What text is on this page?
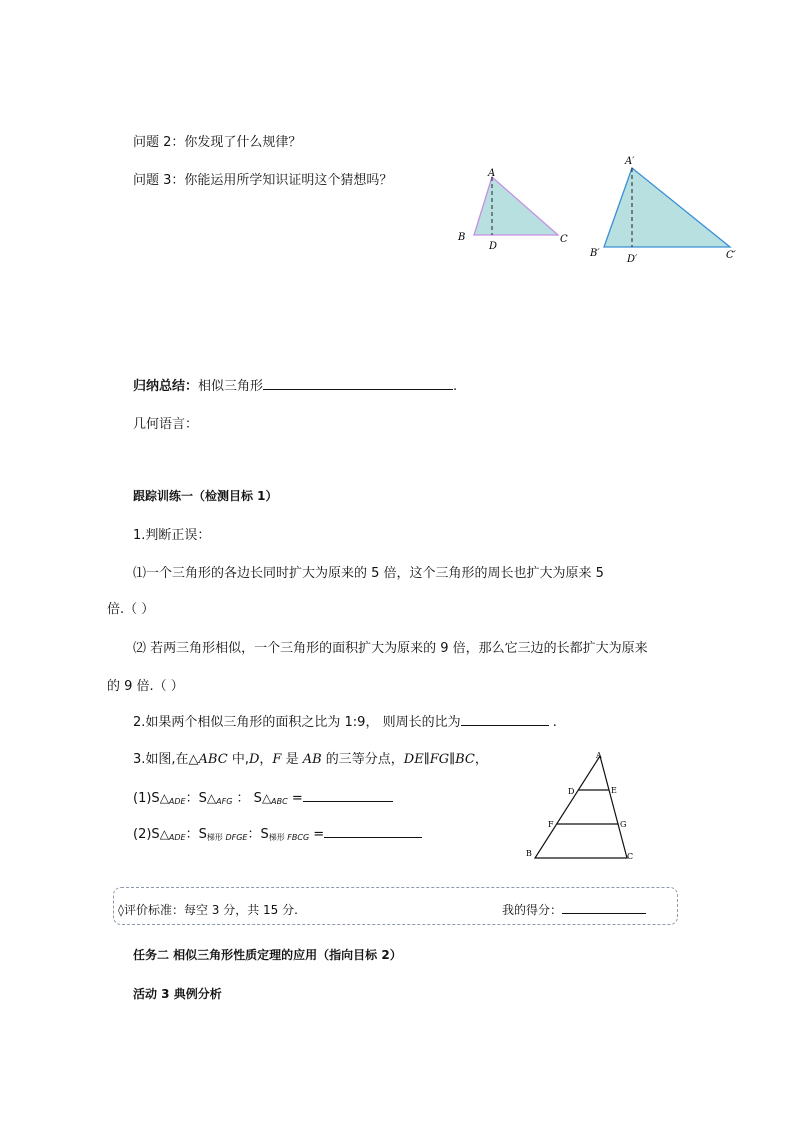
问题 2：你发现了什么规律？
问题 3：你能运用所学知识证明这个猜想吗？	A
B	C
D
A′
B′	C′
D′
归纳总结：相似三角形	.
几何语言：
跟踪训练一（检测目标 1）
1.判断正误：
⑴一个三角形的各边长同时扩大为原来的 5 倍，这个三角形的周长也扩大为原来 5
倍.（ ）
⑵ 若两三角形相似，一个三角形的面积扩大为原来的 9 倍，那么它三边的长都扩大为原来
的 9 倍.（ ）
2.如果两个相似三角形的面积之比为 1:9， 则周长的比为	.
3.如图,在△ABC 中,D，F 是 AB 的三等分点，DE∥FG∥BC，
$(1)S\triangle_{ADE}$：$S\triangle_{AFG}$ ： $S\triangle_{ABC}$ =
$(2)S\triangle_{ADE}$：$S_{梯形}$ $_{DFGE}$：$S_{梯形}$ $_{FBCG}$ =
A
D	E
F	G
B	C
◊评价标准：每空 3 分，共 15 分.	我的得分：
任务二 相似三角形性质定理的应用（指向目标 2）
活动 3 典例分析
